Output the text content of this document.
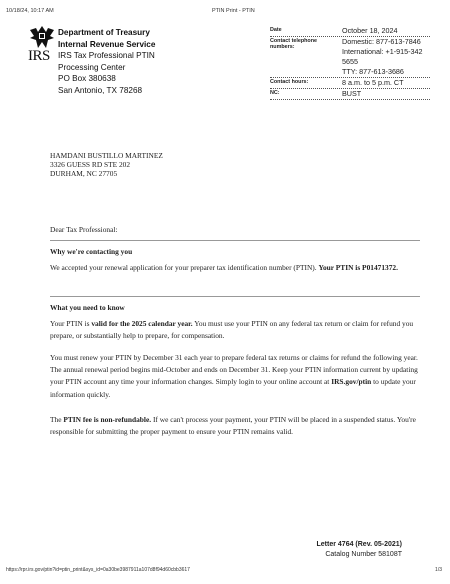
10/18/24, 10:17 AM	PTIN Print - PTIN
IRS
Department of Treasury
Internal Revenue Service
IRS Tax Professional PTIN
Processing Center
PO Box 380638
San Antonio, TX 78268
Date	October 18, 2024
Contact telephone numbers:
Domestic: 877-613-7846
International: +1-915-342
5655
TTY: 877-613-3686
Contact hours:	8 a.m. to 5 p.m. CT
NC:	BUST
HAMDANI BUSTILLO MARTINEZ
3326 GUESS RD STE 202
DURHAM, NC 27705
Dear Tax Professional:
Why we're contacting you
We accepted your renewal application for your preparer tax identification number (PTIN). Your PTIN is P01471372.
What you need to know
Your PTIN is valid for the 2025 calendar year. You must use your PTIN on any federal tax return or claim for refund you prepare, or substantially help to prepare, for compensation.
You must renew your PTIN by December 31 each year to prepare federal tax returns or claims for refund the following year. The annual renewal period begins mid-October and ends on December 31. Keep your PTIN information current by updating your PTIN account any time your information changes. Simply login to your online account at IRS.gov/ptin to update your information quickly.
The PTIN fee is non-refundable. If we can't process your payment, your PTIN will be placed in a suspended status. You're responsible for submitting the proper payment to ensure your PTIN remains valid.
Letter 4764 (Rev. 05-2021)
Catalog Number 58108T
https://rpr.irs.gov/ptin?id=ptin_print&sys_id=0a30be3987911a107d8f94d60cbb3617	1/3
